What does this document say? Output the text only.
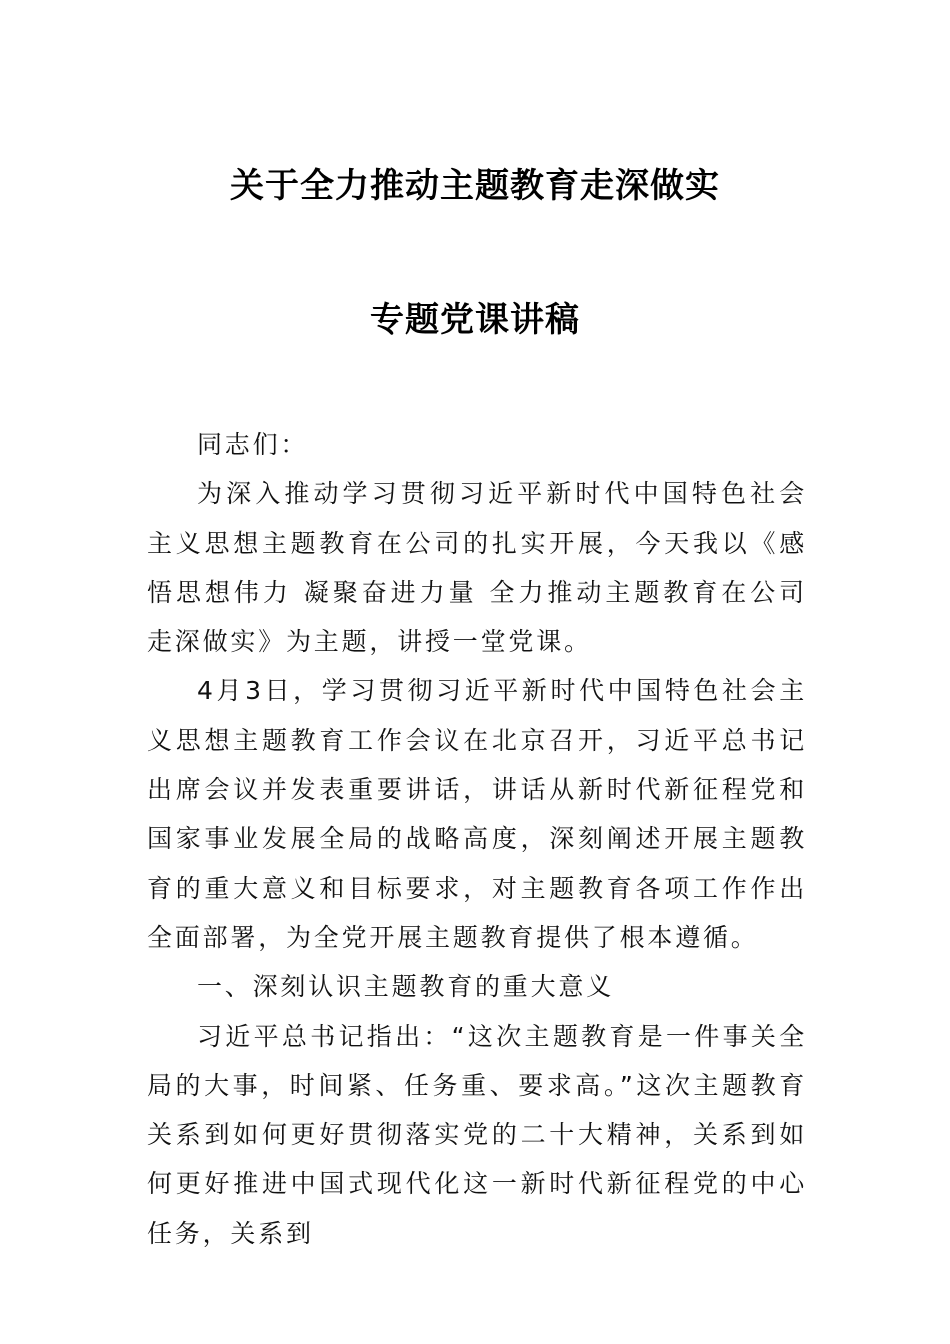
关于全力推动主题教育走深做实
专题党课讲稿

同志们：

为深入推动学习贯彻习近平新时代中国特色社会主义思想主题教育在公司的扎实开展，今天我以《感悟思想伟力 凝聚奋进力量 全力推动主题教育在公司走深做实》为主题，讲授一堂党课。

4月3日，学习贯彻习近平新时代中国特色社会主义思想主题教育工作会议在北京召开，习近平总书记出席会议并发表重要讲话，讲话从新时代新征程党和国家事业发展全局的战略高度，深刻阐述开展主题教育的重大意义和目标要求，对主题教育各项工作作出全面部署，为全党开展主题教育提供了根本遵循。

一、深刻认识主题教育的重大意义

习近平总书记指出：“这次主题教育是一件事关全局的大事，时间紧、任务重、要求高。”这次主题教育关系到如何更好贯彻落实党的二十大精神，关系到如何更好推进中国式现代化这一新时代新征程党的中心任务，关系到
